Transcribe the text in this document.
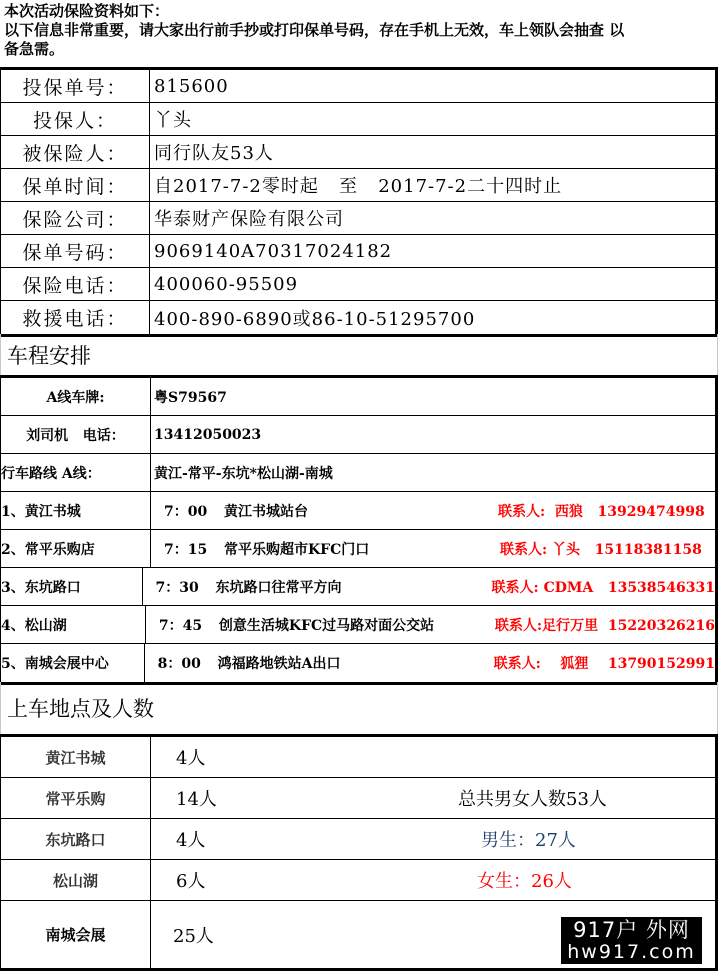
本次活动保险资料如下：
以下信息非常重要，请大家出行前手抄或打印保单号码，存在手机上无效，车上领队会抽查 以
备急需。
投保单号：	815600
投保人：	丫头
被保险人：	同行队友53人
保单时间：	自2017-7-2零时起   至   2017-7-2二十四时止
保险公司：	华泰财产保险有限公司
保单号码：	9069140A70317024182
保险电话：	400060-95509
救援电话：	400-890-6890或86-10-51295700
车程安排
A线车牌:	粤S79567
刘司机   电话：	13412050023
行车路线 A线：	黄江-常平-东坑*松山湖-南城
1、黄江书城	7：00	黄江书城站台	联系人:  西狼   13929474998
2、常平乐购店	7：15	常平乐购超市KFC门口	联系人: 丫头   15118381158
3、东坑路口	7：30	东坑路口往常平方向	联系人: CDMA   13538546331
4、松山湖	7：45	创意生活城KFC过马路对面公交站	联系人:足行万里  15220326216
5、南城会展中心	8：00	鸿福路地铁站A出口	联系人:    狐狸    13790152991
上车地点及人数
黄江书城	4人
常平乐购	14人	总共男女人数53人
东坑路口	4人	男生：27人
松山湖	6人	女生：26人
南城会展	25人	917户 外网
hw917.com
